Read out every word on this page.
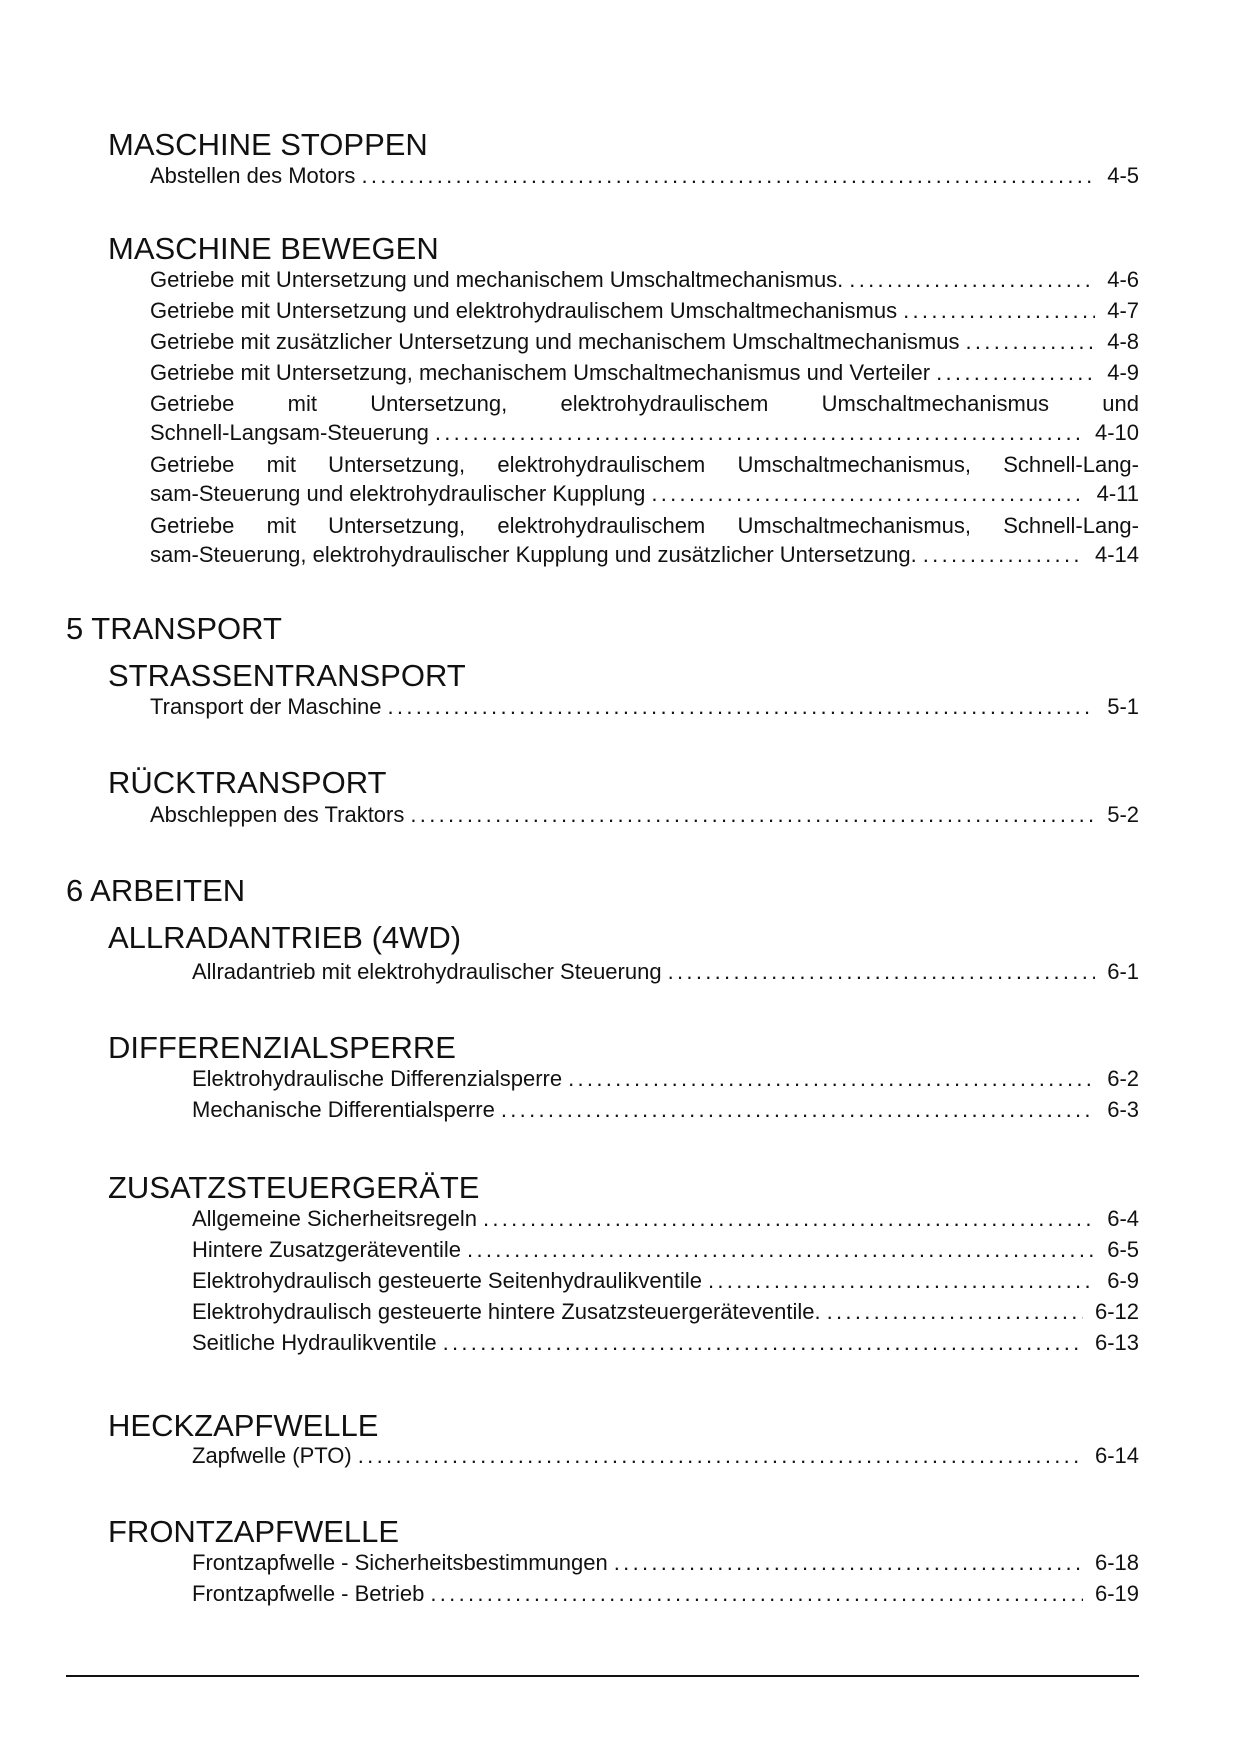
MASCHINE STOPPEN
Abstellen des Motors .....	4-5
MASCHINE BEWEGEN
Getriebe mit Untersetzung und mechanischem Umschaltmechanismus. .....	4-6
Getriebe mit Untersetzung und elektrohydraulischem Umschaltmechanismus .....	4-7
Getriebe mit zusätzlicher Untersetzung und mechanischem Umschaltmechanismus .....	4-8
Getriebe mit Untersetzung, mechanischem Umschaltmechanismus und Verteiler .....	4-9
Getriebe mit Untersetzung, elektrohydraulischem Umschaltmechanismus und
Schnell-Langsam-Steuerung .....	4-10
Getriebe mit Untersetzung, elektrohydraulischem Umschaltmechanismus, Schnell-Lang-
sam-Steuerung und elektrohydraulischer Kupplung .....	4-11
Getriebe mit Untersetzung, elektrohydraulischem Umschaltmechanismus, Schnell-Lang-
sam-Steuerung, elektrohydraulischer Kupplung und zusätzlicher Untersetzung. .....	4-14
5 TRANSPORT
STRASSENTRANSPORT
Transport der Maschine .....	5-1
RÜCKTRANSPORT
Abschleppen des Traktors .....	5-2
6 ARBEITEN
ALLRADANTRIEB (4WD)
Allradantrieb mit elektrohydraulischer Steuerung .....	6-1
DIFFERENZIALSPERRE
Elektrohydraulische Differenzialsperre .....	6-2
Mechanische Differentialsperre .....	6-3
ZUSATZSTEUERGERÄTE
Allgemeine Sicherheitsregeln .....	6-4
Hintere Zusatzgeräteventile .....	6-5
Elektrohydraulisch gesteuerte Seitenhydraulikventile .....	6-9
Elektrohydraulisch gesteuerte hintere Zusatzsteuergeräteventile. .....	6-12
Seitliche Hydraulikventile .....	6-13
HECKZAPFWELLE
Zapfwelle (PTO) .....	6-14
FRONTZAPFWELLE
Frontzapfwelle - Sicherheitsbestimmungen .....	6-18
Frontzapfwelle - Betrieb .....	6-19
